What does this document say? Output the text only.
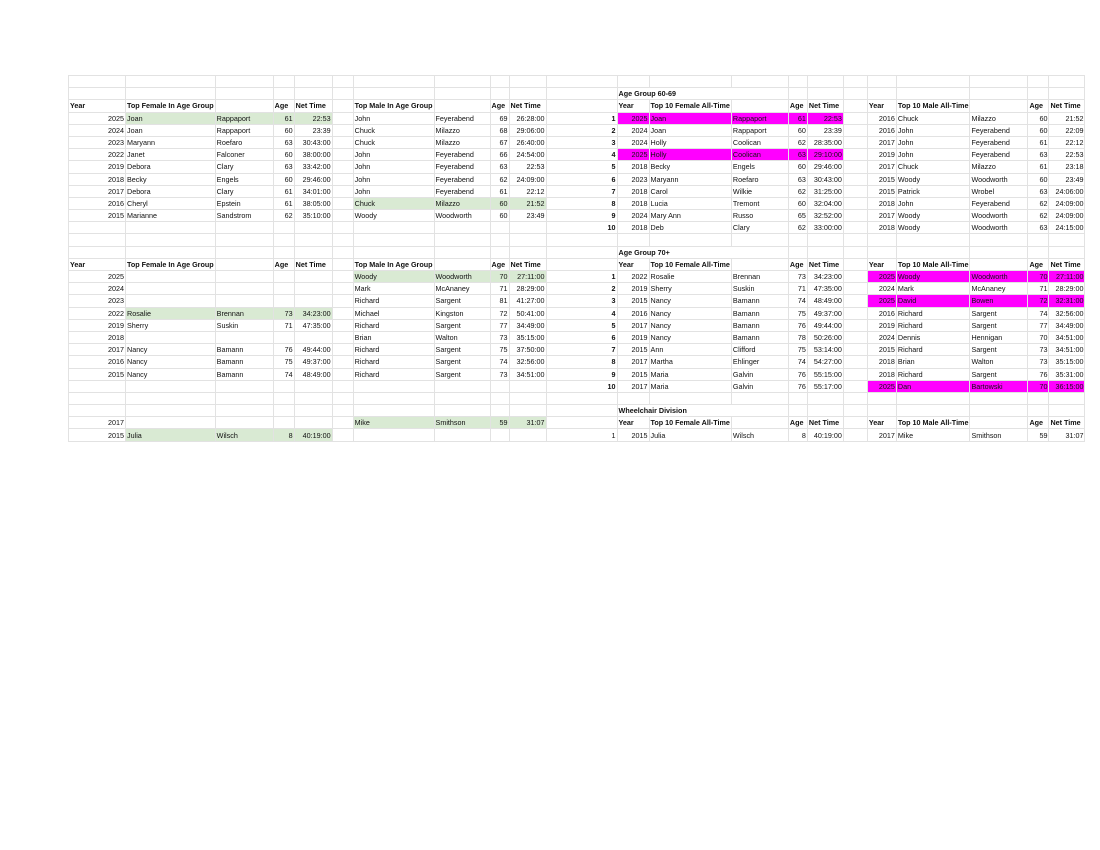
											Age Group 60-69										
Year	Top Female In Age Group		Age	Net Time		Top Male In Age Group		Age	Net Time		Year	Top 10 Female All-Time		Age	Net Time		Year	Top 10 Male All-Time		Age	Net Time
2025	Joan	Rappaport	61	22:53		John	Feyerabend	69	26:28:00	1	2025	Joan	Rappaport	61	22:53		2016	Chuck	Milazzo	60	21:52
2024	Joan	Rappaport	60	23:39		Chuck	Milazzo	68	29:06:00	2	2024	Joan	Rappaport	60	23:39		2016	John	Feyerabend	60	22:09
2023	Maryann	Roefaro	63	30:43:00		Chuck	Milazzo	67	26:40:00	3	2024	Holly	Coolican	62	28:35:00		2017	John	Feyerabend	61	22:12
2022	Janet	Falconer	60	38:00:00		John	Feyerabend	66	24:54:00	4	2025	Holly	Coolican	63	29:10:00		2019	John	Feyerabend	63	22:53
2019	Debora	Clary	63	33:42:00		John	Feyerabend	63	22:53	5	2018	Becky	Engels	60	29:46:00		2017	Chuck	Milazzo	61	23:18
2018	Becky	Engels	60	29:46:00		John	Feyerabend	62	24:09:00	6	2023	Maryann	Roefaro	63	30:43:00		2015	Woody	Woodworth	60	23:49
2017	Debora	Clary	61	34:01:00		John	Feyerabend	61	22:12	7	2018	Carol	Wilkie	62	31:25:00		2015	Patrick	Wrobel	63	24:06:00
2016	Cheryl	Epstein	61	38:05:00		Chuck	Milazzo	60	21:52	8	2018	Lucia	Tremont	60	32:04:00		2018	John	Feyerabend	62	24:09:00
2015	Marianne	Sandstrom	62	35:10:00		Woody	Woodworth	60	23:49	9	2024	Mary Ann	Russo	65	32:52:00		2017	Woody	Woodworth	62	24:09:00
										10	2018	Deb	Clary	62	33:00:00		2018	Woody	Woodworth	63	24:15:00

											Age Group 70+										
Year	Top Female In Age Group		Age	Net Time		Top Male In Age Group		Age	Net Time		Year	Top 10 Female All-Time		Age	Net Time		Year	Top 10 Male All-Time		Age	Net Time
2025						Woody	Woodworth	70	27:11:00	1	2022	Rosalie	Brennan	73	34:23:00		2025	Woody	Woodworth	70	27:11:00
2024						Mark	McAnaney	71	28:29:00	2	2019	Sherry	Suskin	71	47:35:00		2024	Mark	McAnaney	71	28:29:00
2023						Richard	Sargent	81	41:27:00	3	2015	Nancy	Bamann	74	48:49:00		2025	David	Bowen	72	32:31:00
2022	Rosalie	Brennan	73	34:23:00		Michael	Kingston	72	50:41:00	4	2016	Nancy	Bamann	75	49:37:00		2016	Richard	Sargent	74	32:56:00
2019	Sherry	Suskin	71	47:35:00		Richard	Sargent	77	34:49:00	5	2017	Nancy	Bamann	76	49:44:00		2019	Richard	Sargent	77	34:49:00
2018						Brian	Walton	73	35:15:00	6	2019	Nancy	Bamann	78	50:26:00		2024	Dennis	Hennigan	70	34:51:00
2017	Nancy	Bamann	76	49:44:00		Richard	Sargent	75	37:50:00	7	2015	Ann	Clifford	75	53:14:00		2015	Richard	Sargent	73	34:51:00
2016	Nancy	Bamann	75	49:37:00		Richard	Sargent	74	32:56:00	8	2017	Martha	Ehlinger	74	54:27:00		2018	Brian	Walton	73	35:15:00
2015	Nancy	Bamann	74	48:49:00		Richard	Sargent	73	34:51:00	9	2015	Maria	Galvin	76	55:15:00		2018	Richard	Sargent	76	35:31:00
										10	2017	Maria	Galvin	76	55:17:00		2025	Dan	Bartowski	70	36:15:00

											Wheelchair Division										
2017						Mike	Smithson	59	31:07		Year	Top 10 Female All-Time		Age	Net Time		Year	Top 10 Male All-Time		Age	Net Time
2015	Julia	Wilsch	8	40:19:00						1	2015	Julia	Wilsch	8	40:19:00		2017	Mike	Smithson	59	31:07
